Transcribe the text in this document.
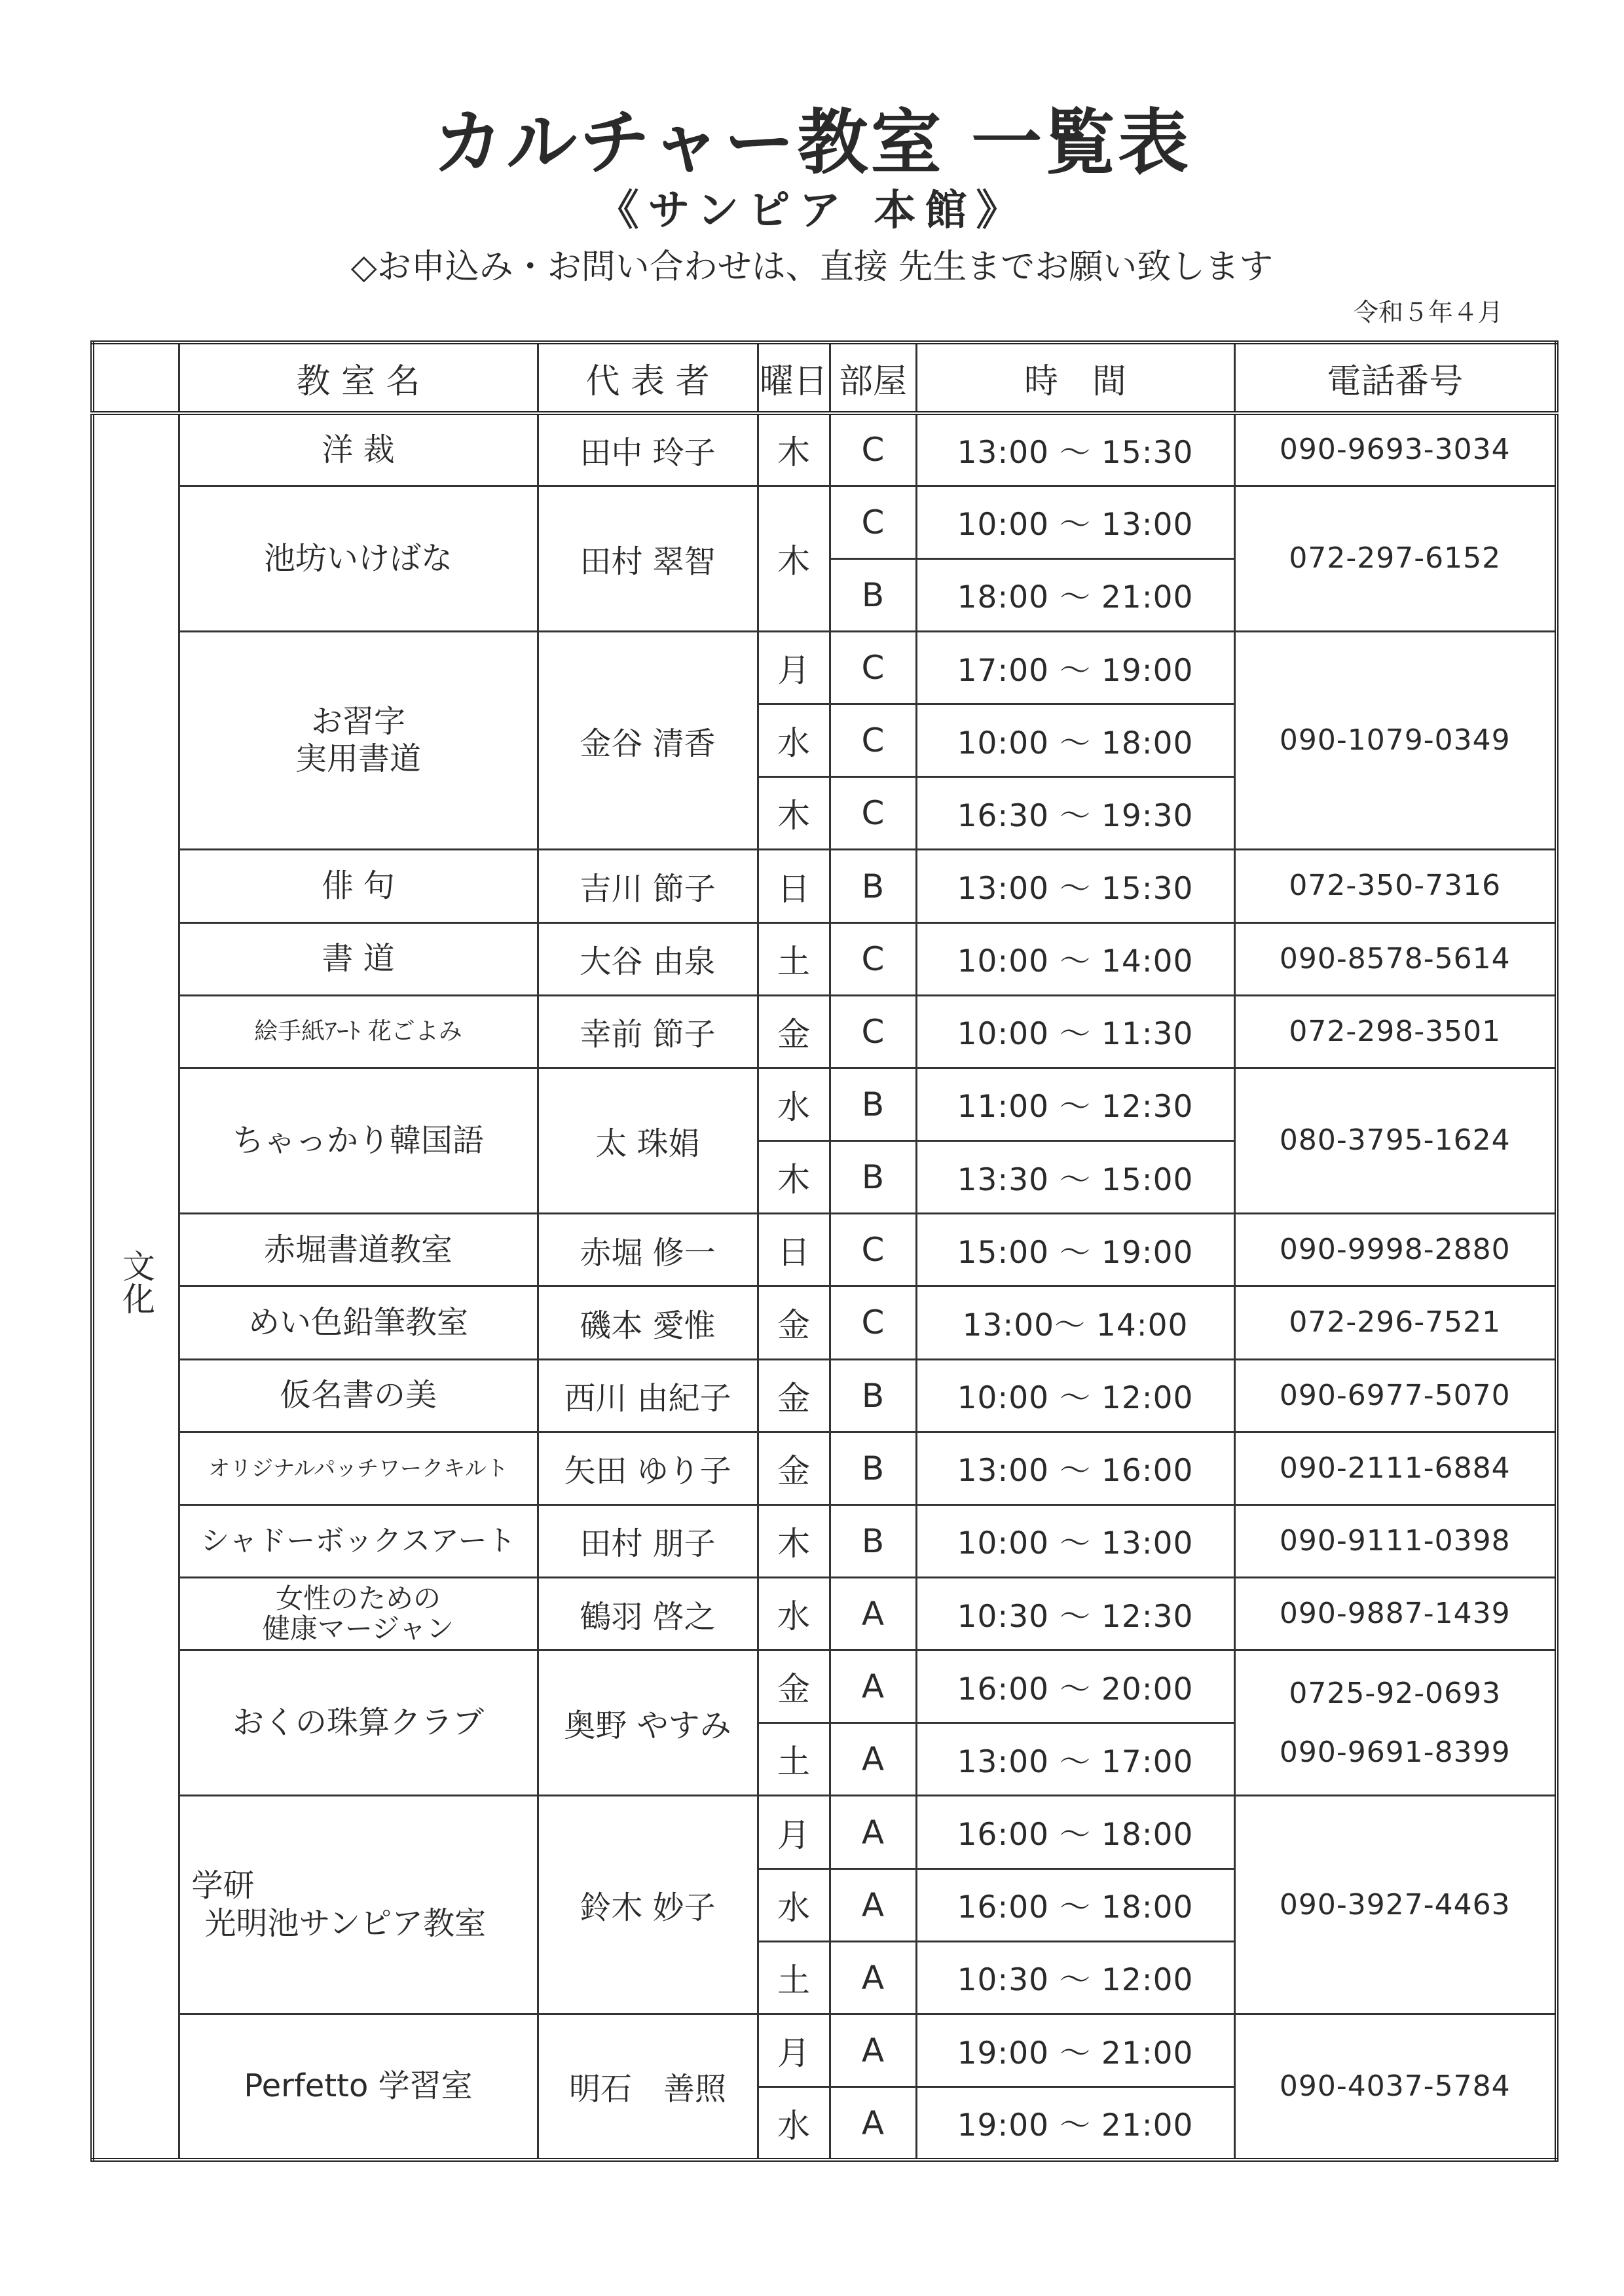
カルチャー教室 一覧表
《サンピア 本館》
◇お申込み・お問い合わせは、直接 先生までお願い致します
令和５年４月
	教 室 名	代 表 者	曜日	部屋	時　間	電話番号
文化	洋 裁	田中 玲子	木	C	13:00 ～ 15:30	090-9693-3034
	池坊いけばな	田村 翠智	木	C	10:00 ～ 13:00	072-297-6152
				B	18:00 ～ 21:00	
	お習字
実用書道	金谷 清香	月	C	17:00 ～ 19:00	090-1079-0349
			水	C	10:00 ～ 18:00	
			木	C	16:30 ～ 19:30	
	俳 句	吉川 節子	日	B	13:00 ～ 15:30	072-350-7316
	書 道	大谷 由泉	土	C	10:00 ～ 14:00	090-8578-5614
	絵手紙ｱｰﾄ 花ごよみ	幸前 節子	金	C	10:00 ～ 11:30	072-298-3501
	ちゃっかり韓国語	太 珠娟	水	B	11:00 ～ 12:30	080-3795-1624
			木	B	13:30 ～ 15:00	
	赤堀書道教室	赤堀 修一	日	C	15:00 ～ 19:00	090-9998-2880
	めい色鉛筆教室	磯本 愛惟	金	C	13:00～ 14:00	072-296-7521
	仮名書の美	西川 由紀子	金	B	10:00 ～ 12:00	090-6977-5070
	オリジナルパッチワークキルト	矢田 ゆり子	金	B	13:00 ～ 16:00	090-2111-6884
	シャドーボックスアート	田村 朋子	木	B	10:00 ～ 13:00	090-9111-0398
	女性のための
健康マージャン	鶴羽 啓之	水	A	10:30 ～ 12:30	090-9887-1439
	おくの珠算クラブ	奥野 やすみ	金	A	16:00 ～ 20:00	0725-92-0693
090-9691-8399
			土	A	13:00 ～ 17:00	
	学研
光明池サンピア教室	鈴木 妙子	月	A	16:00 ～ 18:00	090-3927-4463
			水	A	16:00 ～ 18:00	
			土	A	10:30 ～ 12:00	
	Perfetto 学習室	明石　善照	月	A	19:00 ～ 21:00	090-4037-5784
			水	A	19:00 ～ 21:00	
